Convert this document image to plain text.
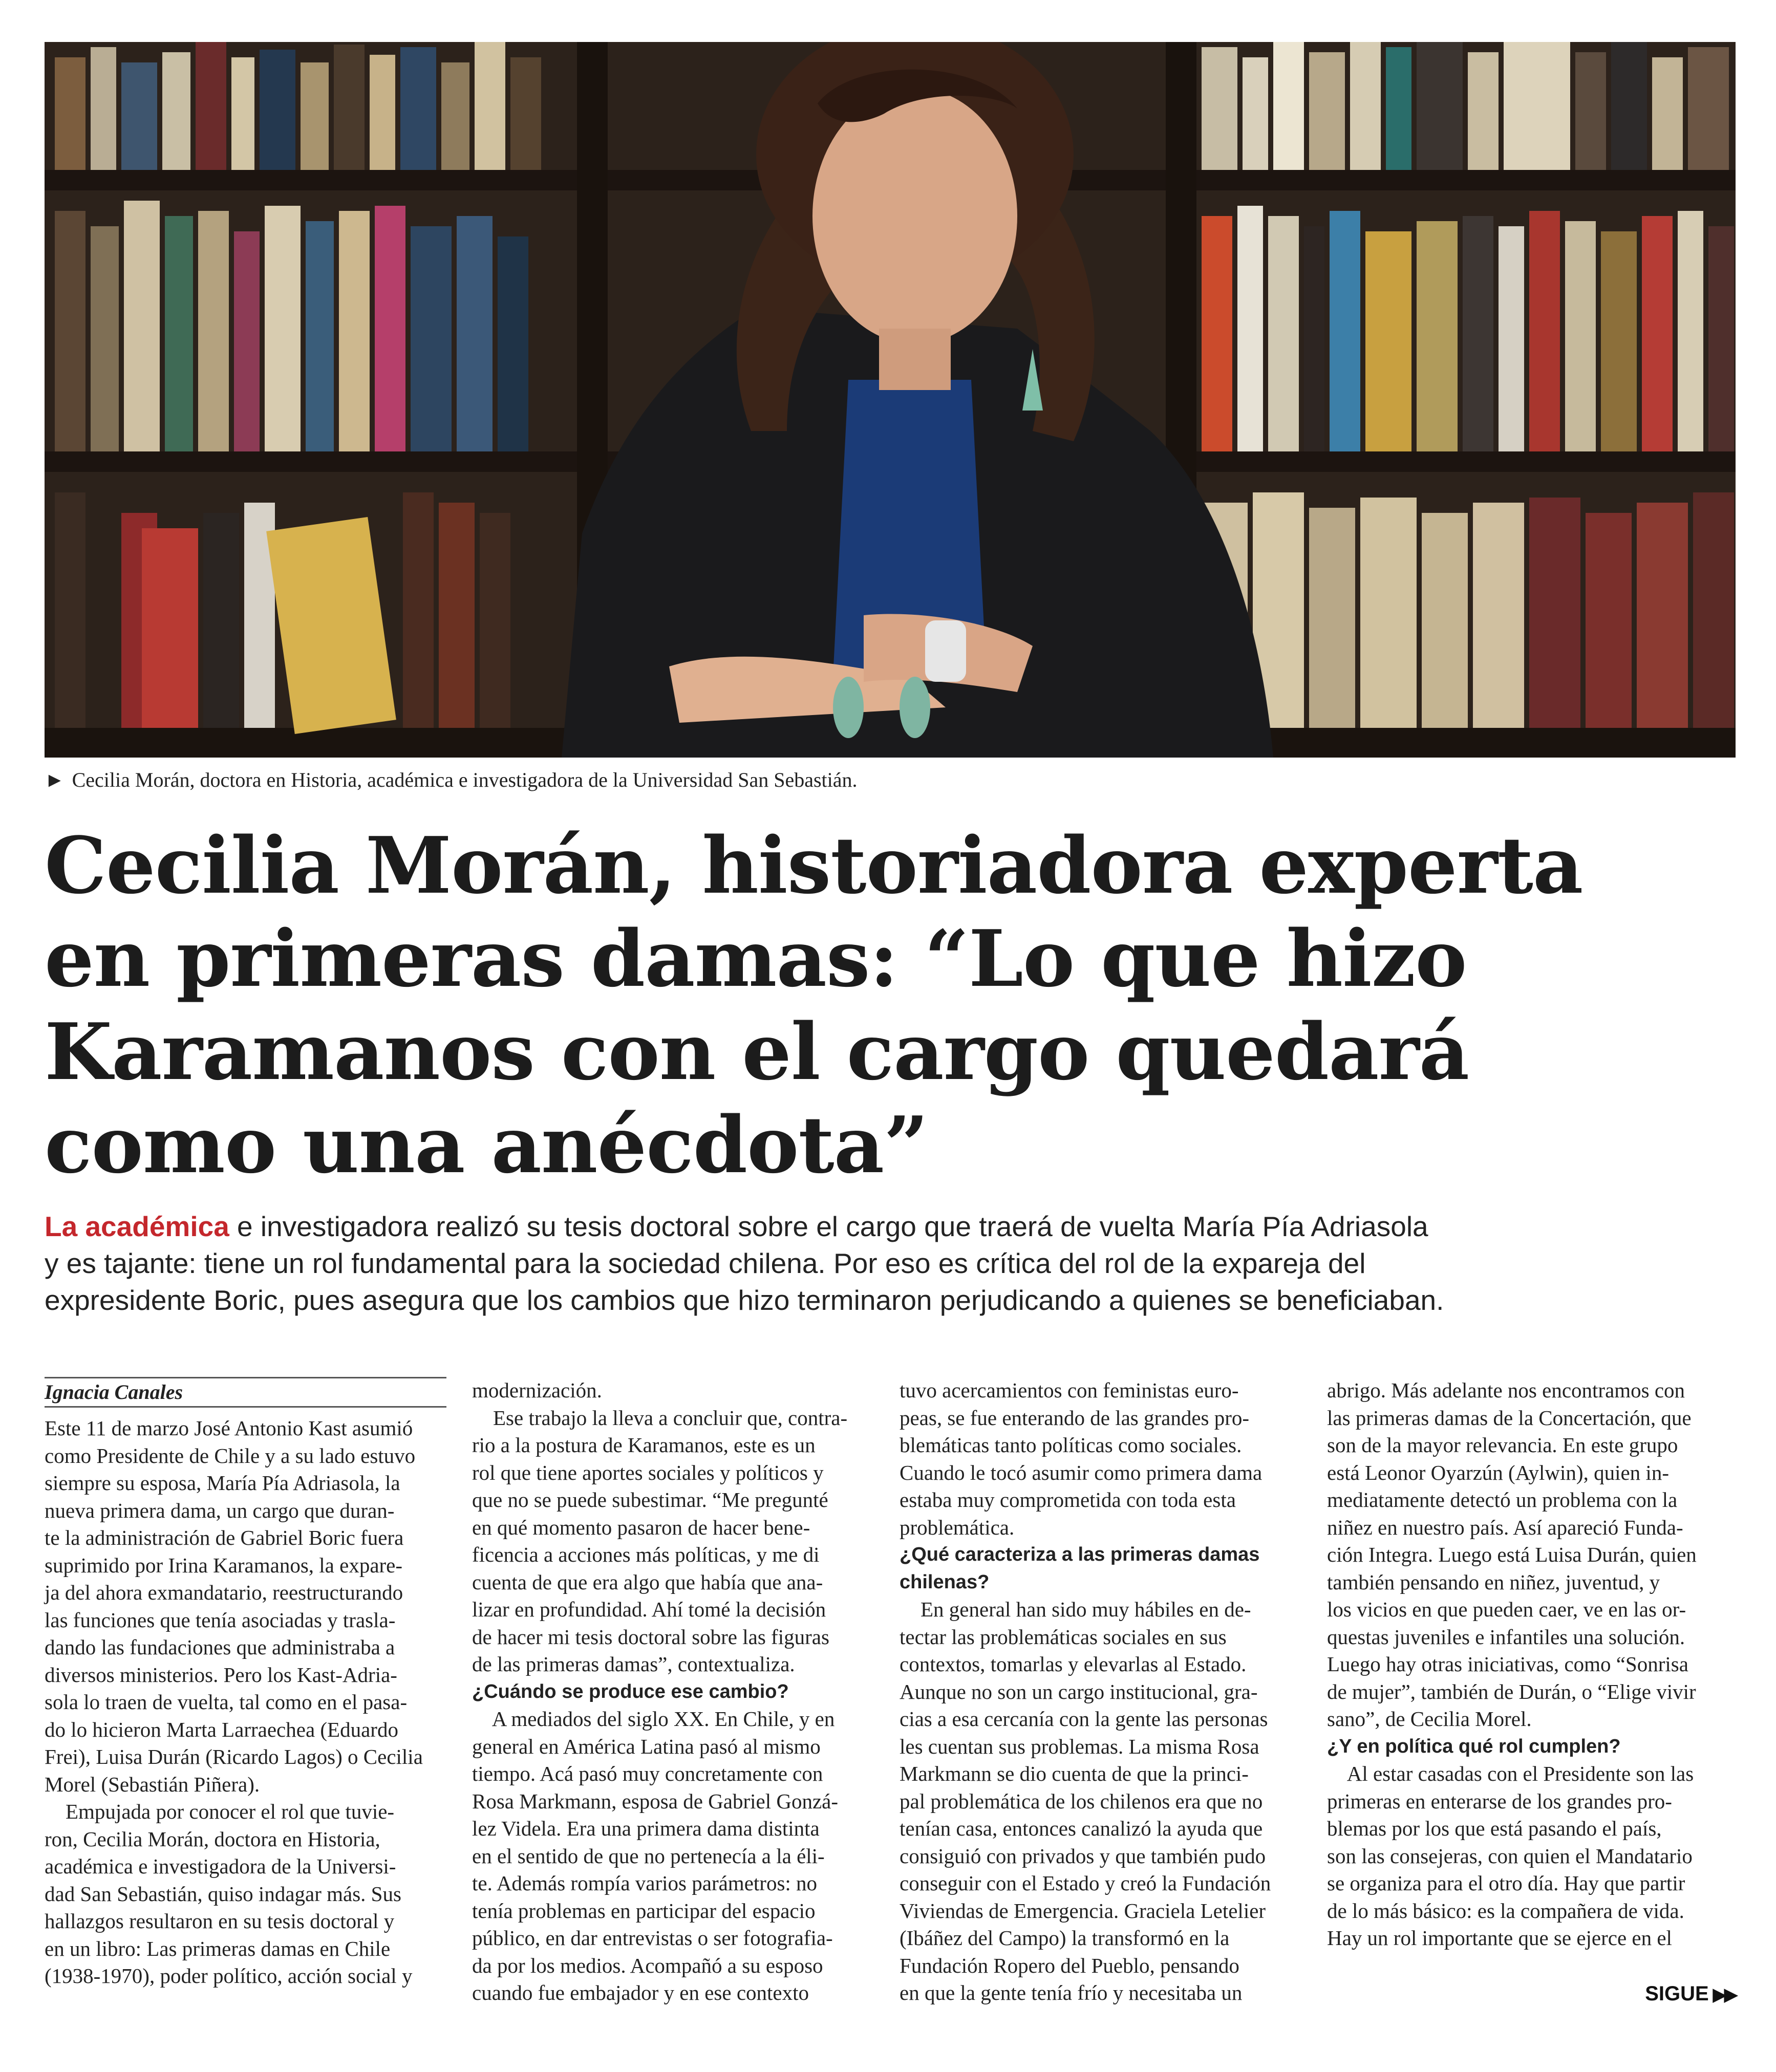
► Cecilia Morán, doctora en Historia, académica e investigadora de la Universidad San Sebastián.
Cecilia Morán, historiadora experta
en primeras damas: “Lo que hizo
Karamanos con el cargo quedará
como una anécdota”
La académica e investigadora realizó su tesis doctoral sobre el cargo que traerá de vuelta María Pía Adriasola
y es tajante: tiene un rol fundamental para la sociedad chilena. Por eso es crítica del rol de la expareja del
expresidente Boric, pues asegura que los cambios que hizo terminaron perjudicando a quienes se beneficiaban.
Ignacia Canales
Este 11 de marzo José Antonio Kast asumió
como Presidente de Chile y a su lado estuvo
siempre su esposa, María Pía Adriasola, la
nueva primera dama, un cargo que duran-
te la administración de Gabriel Boric fuera
suprimido por Irina Karamanos, la expare-
ja del ahora exmandatario, reestructurando
las funciones que tenía asociadas y trasla-
dando las fundaciones que administraba a
diversos ministerios. Pero los Kast-Adria-
sola lo traen de vuelta, tal como en el pasa-
do lo hicieron Marta Larraechea (Eduardo
Frei), Luisa Durán (Ricardo Lagos) o Cecilia
Morel (Sebastián Piñera).
Empujada por conocer el rol que tuvie-
ron, Cecilia Morán, doctora en Historia,
académica e investigadora de la Universi-
dad San Sebastián, quiso indagar más. Sus
hallazgos resultaron en su tesis doctoral y
en un libro: Las primeras damas en Chile
(1938-1970), poder político, acción social y
modernización.
Ese trabajo la lleva a concluir que, contra-
rio a la postura de Karamanos, este es un
rol que tiene aportes sociales y políticos y
que no se puede subestimar. “Me pregunté
en qué momento pasaron de hacer bene-
ficencia a acciones más políticas, y me di
cuenta de que era algo que había que ana-
lizar en profundidad. Ahí tomé la decisión
de hacer mi tesis doctoral sobre las figuras
de las primeras damas”, contextualiza.
¿Cuándo se produce ese cambio?
A mediados del siglo XX. En Chile, y en
general en América Latina pasó al mismo
tiempo. Acá pasó muy concretamente con
Rosa Markmann, esposa de Gabriel Gonzá-
lez Videla. Era una primera dama distinta
en el sentido de que no pertenecía a la éli-
te. Además rompía varios parámetros: no
tenía problemas en participar del espacio
público, en dar entrevistas o ser fotografia-
da por los medios. Acompañó a su esposo
cuando fue embajador y en ese contexto
tuvo acercamientos con feministas euro-
peas, se fue enterando de las grandes pro-
blemáticas tanto políticas como sociales.
Cuando le tocó asumir como primera dama
estaba muy comprometida con toda esta
problemática.
¿Qué caracteriza a las primeras damas
chilenas?
En general han sido muy hábiles en de-
tectar las problemáticas sociales en sus
contextos, tomarlas y elevarlas al Estado.
Aunque no son un cargo institucional, gra-
cias a esa cercanía con la gente las personas
les cuentan sus problemas. La misma Rosa
Markmann se dio cuenta de que la princi-
pal problemática de los chilenos era que no
tenían casa, entonces canalizó la ayuda que
consiguió con privados y que también pudo
conseguir con el Estado y creó la Fundación
Viviendas de Emergencia. Graciela Letelier
(Ibáñez del Campo) la transformó en la
Fundación Ropero del Pueblo, pensando
en que la gente tenía frío y necesitaba un
abrigo. Más adelante nos encontramos con
las primeras damas de la Concertación, que
son de la mayor relevancia. En este grupo
está Leonor Oyarzún (Aylwin), quien in-
mediatamente detectó un problema con la
niñez en nuestro país. Así apareció Funda-
ción Integra. Luego está Luisa Durán, quien
también pensando en niñez, juventud, y
los vicios en que pueden caer, ve en las or-
questas juveniles e infantiles una solución.
Luego hay otras iniciativas, como “Sonrisa
de mujer”, también de Durán, o “Elige vivir
sano”, de Cecilia Morel.
¿Y en política qué rol cumplen?
Al estar casadas con el Presidente son las
primeras en enterarse de los grandes pro-
blemas por los que está pasando el país,
son las consejeras, con quien el Mandatario
se organiza para el otro día. Hay que partir
de lo más básico: es la compañera de vida.
Hay un rol importante que se ejerce en el
SIGUE ▶▶
